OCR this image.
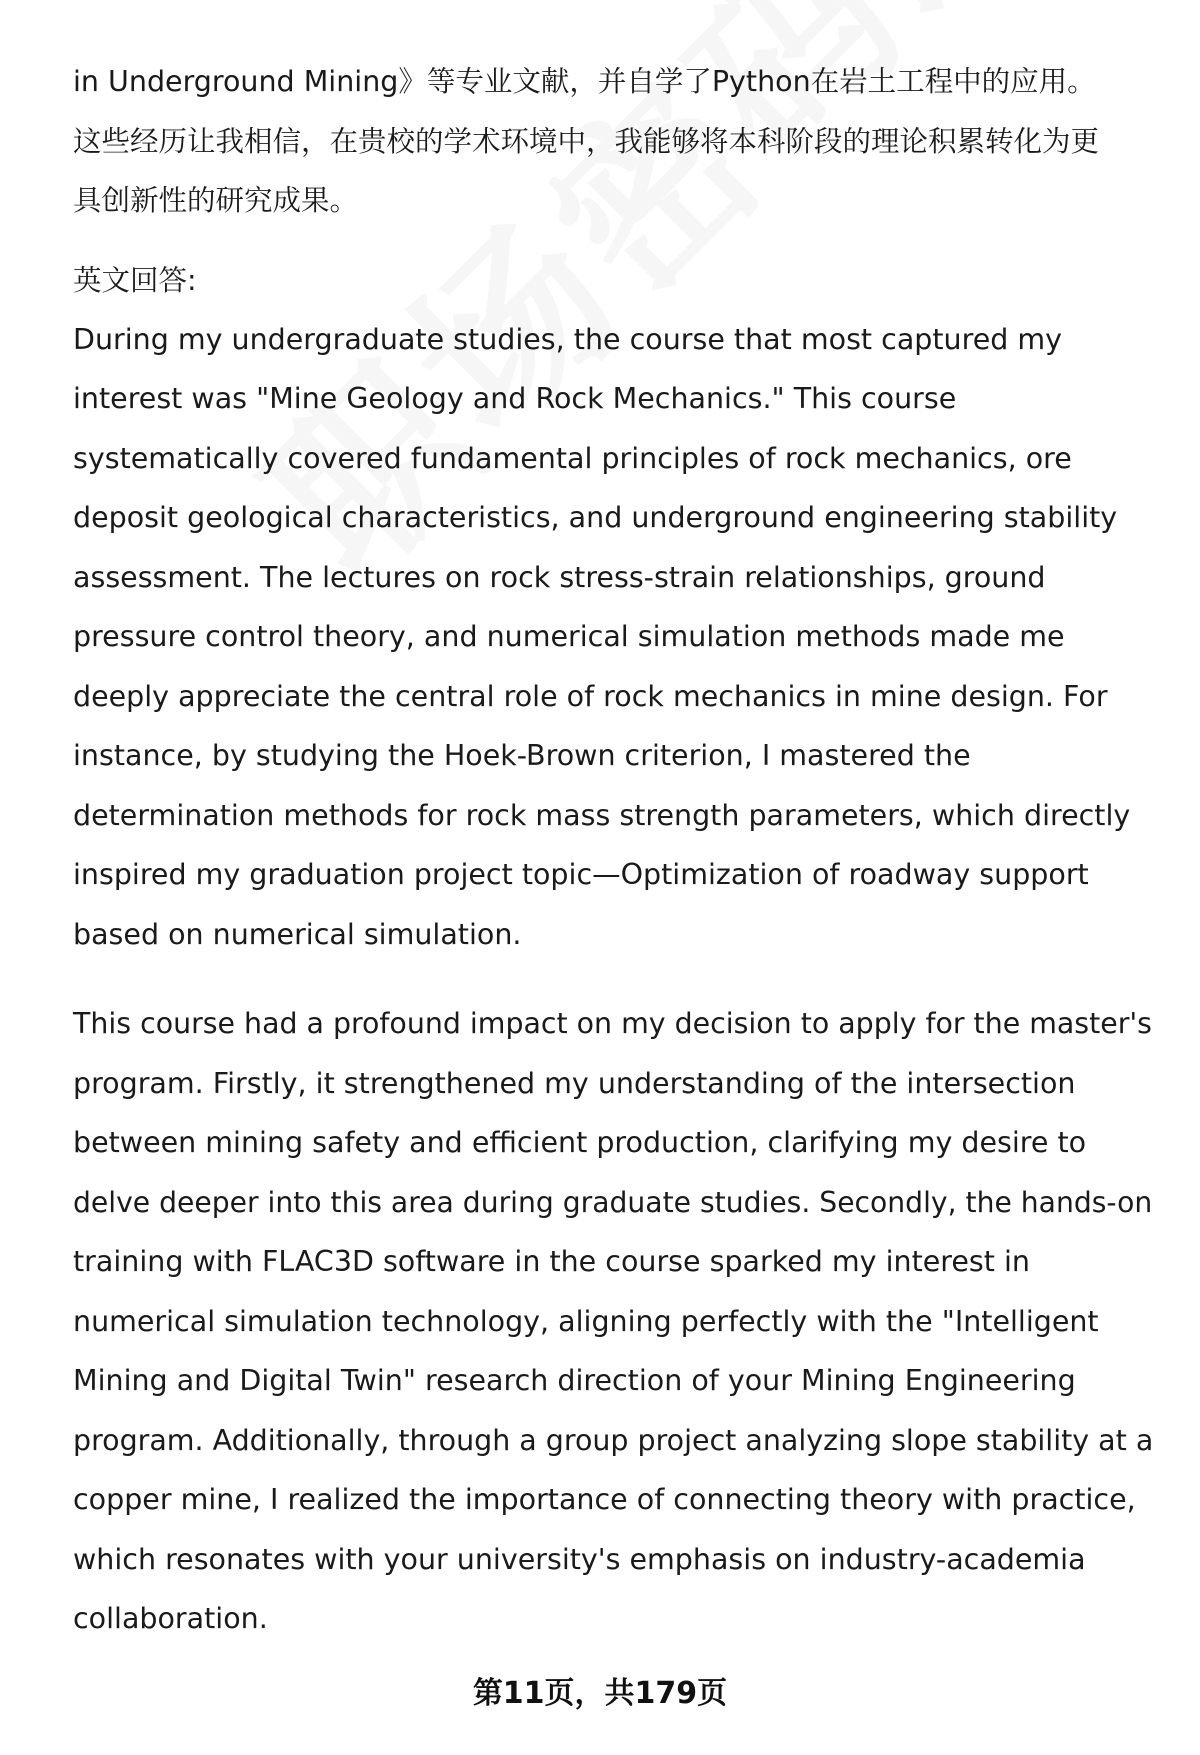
in Underground Mining》等专业文献，并自学了Python在岩土工程中的应用。
这些经历让我相信，在贵校的学术环境中，我能够将本科阶段的理论积累转化为更
具创新性的研究成果。

英文回答:

During my undergraduate studies, the course that most captured my
interest was "Mine Geology and Rock Mechanics." This course
systematically covered fundamental principles of rock mechanics, ore
deposit geological characteristics, and underground engineering stability
assessment. The lectures on rock stress-strain relationships, ground
pressure control theory, and numerical simulation methods made me
deeply appreciate the central role of rock mechanics in mine design. For
instance, by studying the Hoek-Brown criterion, I mastered the
determination methods for rock mass strength parameters, which directly
inspired my graduation project topic—Optimization of roadway support
based on numerical simulation.

This course had a profound impact on my decision to apply for the master's
program. Firstly, it strengthened my understanding of the intersection
between mining safety and efficient production, clarifying my desire to
delve deeper into this area during graduate studies. Secondly, the hands-on
training with FLAC3D software in the course sparked my interest in
numerical simulation technology, aligning perfectly with the "Intelligent
Mining and Digital Twin" research direction of your Mining Engineering
program. Additionally, through a group project analyzing slope stability at a
copper mine, I realized the importance of connecting theory with practice,
which resonates with your university's emphasis on industry-academia
collaboration.

第11页，共179页
